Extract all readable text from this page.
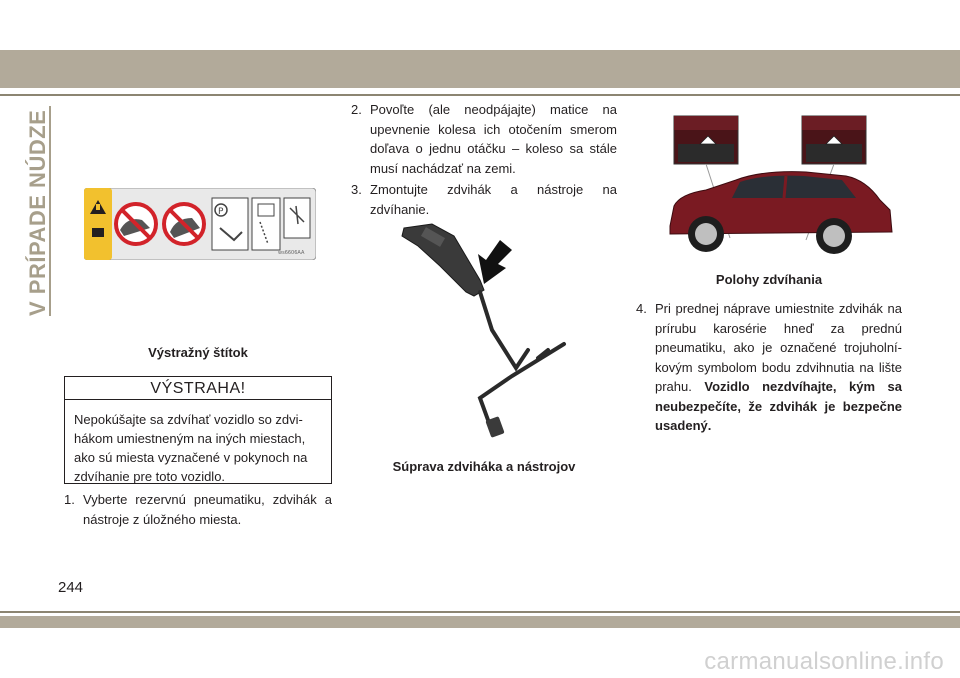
V PRÍPADE NÚDZE	P
ws6606AA
Výstražný štítok
VÝSTRAHA!
Nepokúšajte sa zdvíhať vozidlo so zdvi-hákom umiestneným na iných miestach, ako sú miesta vyznačené v pokynoch na zdvíhanie pre toto vozidlo.
1. Vyberte rezervnú pneumatiku, zdvihák a nástroje z úložného miesta.
2. Povoľte (ale neodpájajte) matice na upevnenie kolesa ich otočením smerom doľava o jednu otáčku – koleso sa stále musí nachádzať na zemi.
3. Zmontujte zdvihák a nástroje na zdvíhanie.
Súprava zdviháka a nástrojov
Polohy zdvíhania
4. Pri prednej náprave umiestnite zdvihák na prírubu karosérie hneď za prednú pneumatiku, ako je označené trojuholní-kovým symbolom bodu zdvihnutia na lište prahu. Vozidlo nezdvíhajte, kým sa neubezpečíte, že zdvihák je bezpečne usadený.
244
carmanualsonline.info
